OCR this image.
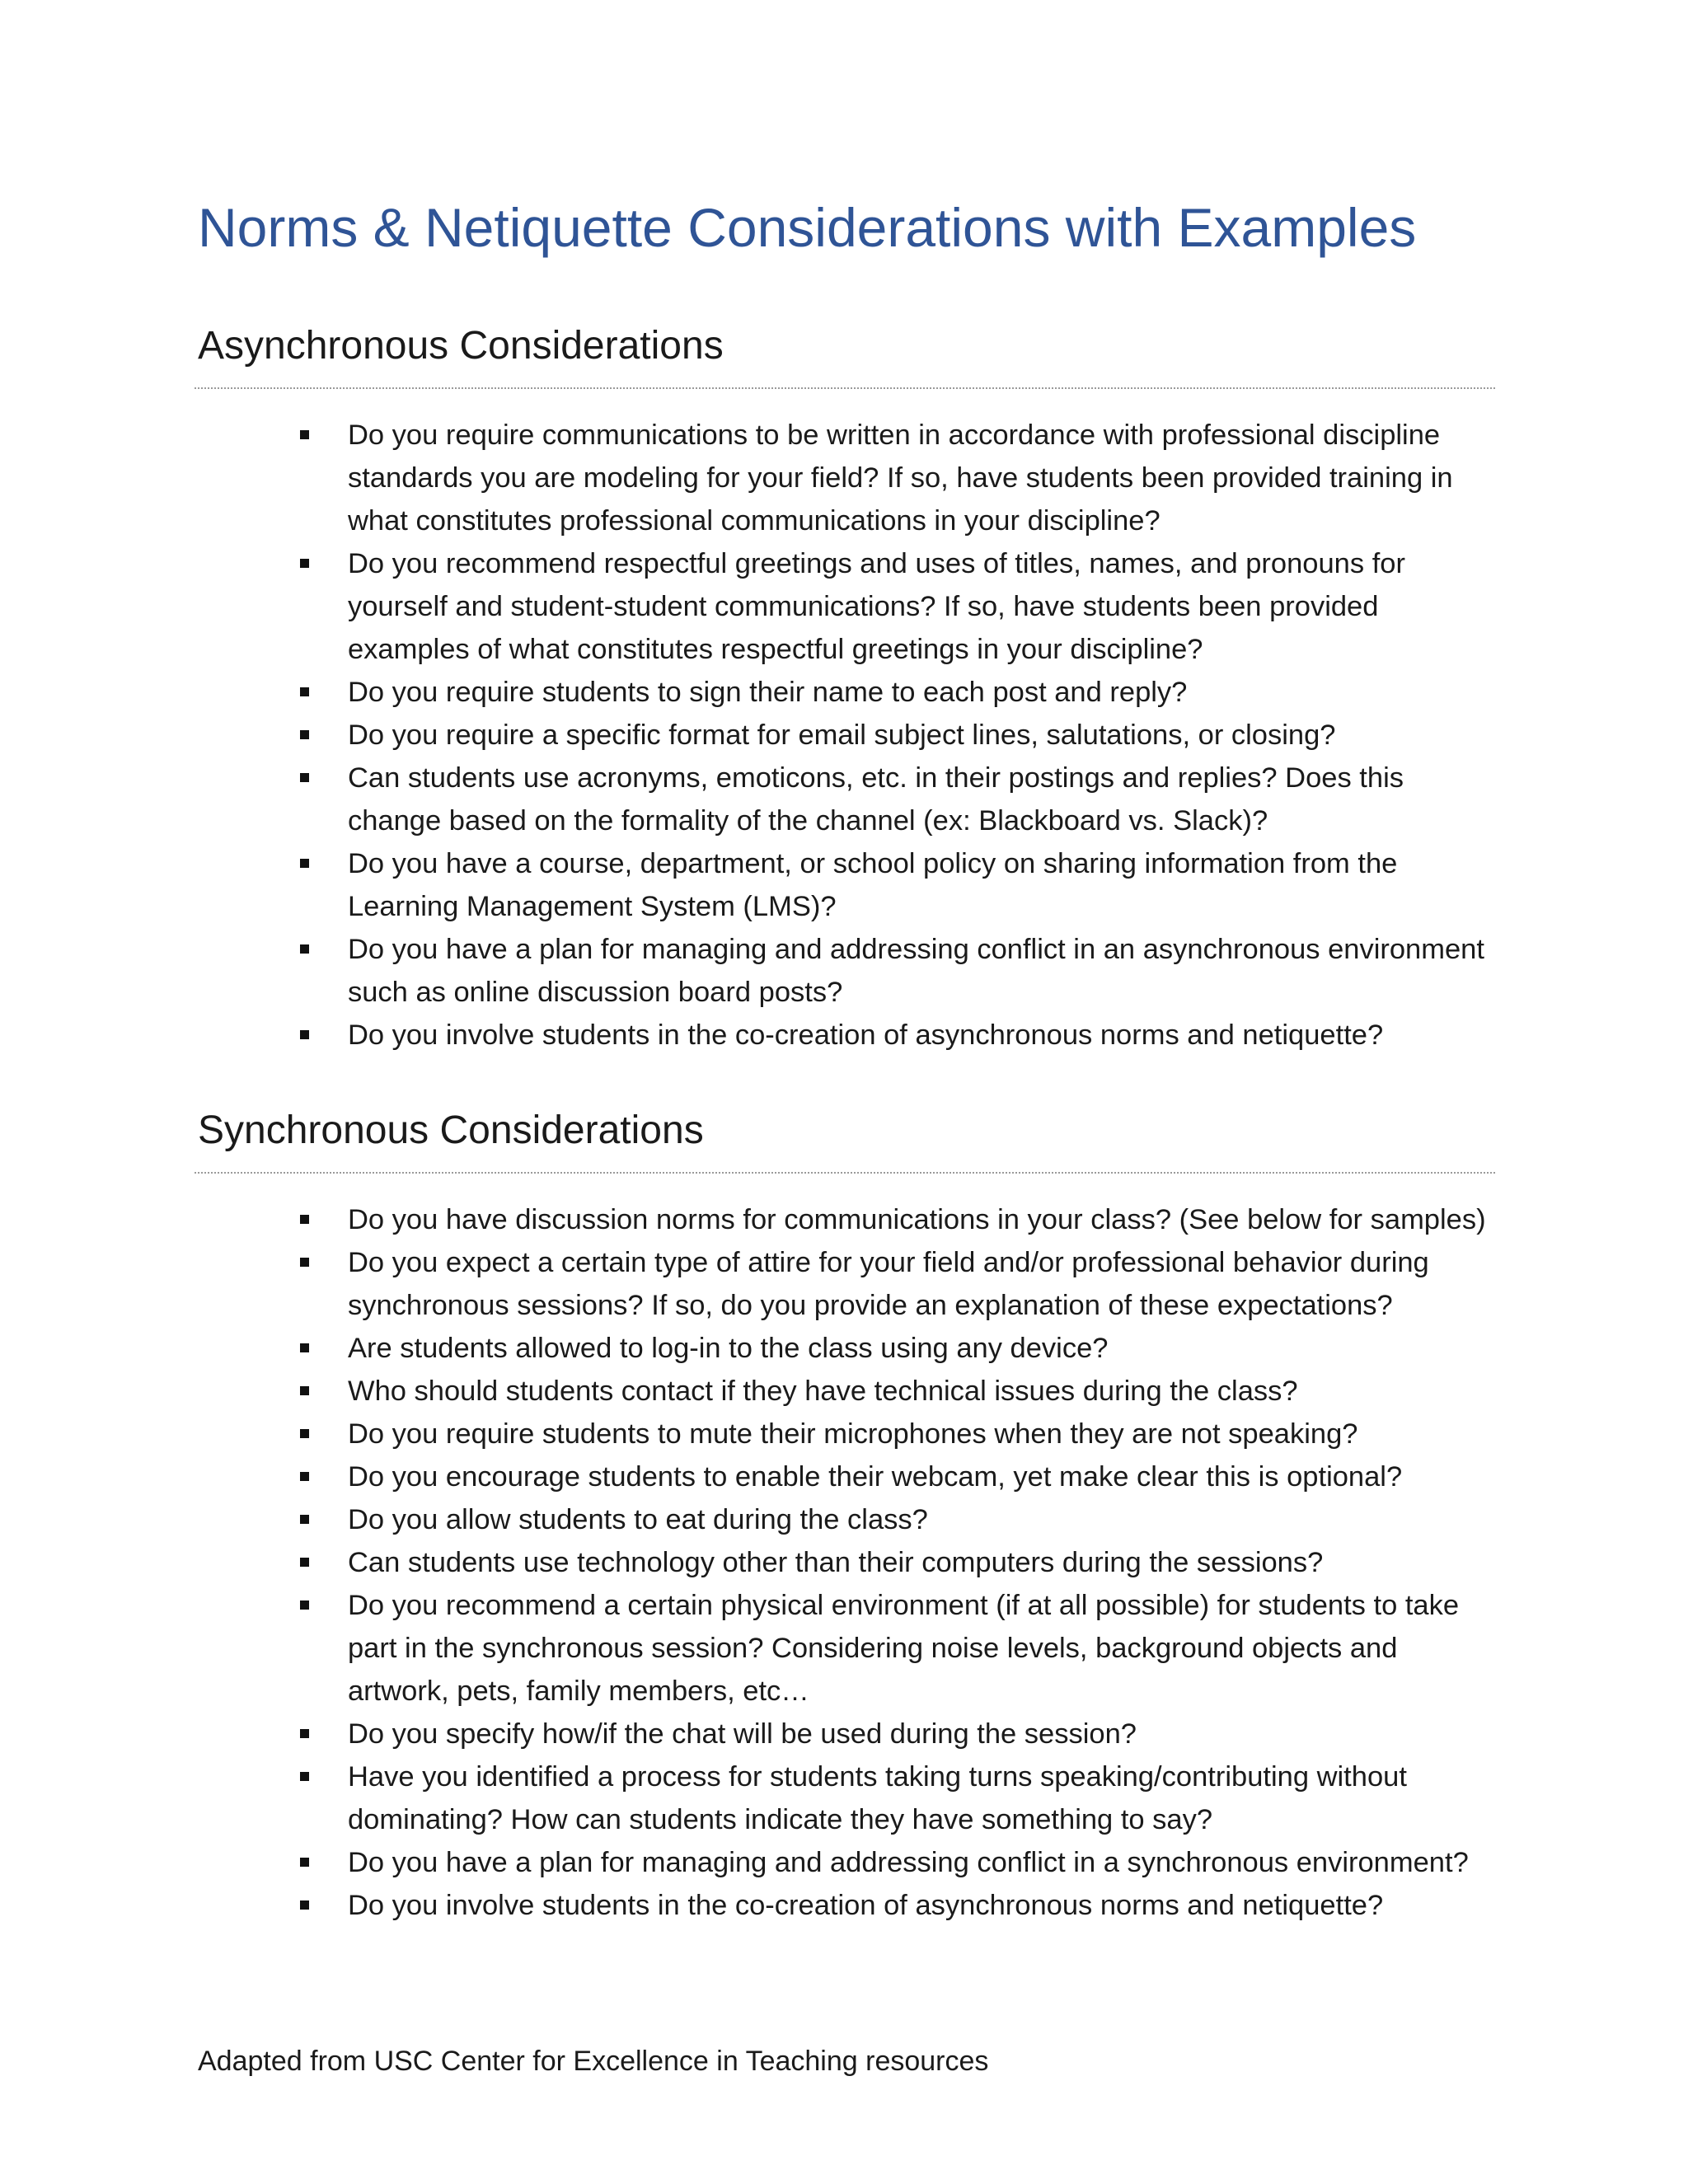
Norms & Netiquette Considerations with Examples
Asynchronous Considerations
Do you require communications to be written in accordance with professional discipline standards you are modeling for your field? If so, have students been provided training in what constitutes professional communications in your discipline?
Do you recommend respectful greetings and uses of titles, names, and pronouns for yourself and student-student communications? If so, have students been provided examples of what constitutes respectful greetings in your discipline?
Do you require students to sign their name to each post and reply?
Do you require a specific format for email subject lines, salutations, or closing?
Can students use acronyms, emoticons, etc. in their postings and replies? Does this change based on the formality of the channel (ex: Blackboard vs. Slack)?
Do you have a course, department, or school policy on sharing information from the Learning Management System (LMS)?
Do you have a plan for managing and addressing conflict in an asynchronous environment such as online discussion board posts?
Do you involve students in the co-creation of asynchronous norms and netiquette?
Synchronous Considerations
Do you have discussion norms for communications in your class? (See below for samples)
Do you expect a certain type of attire for your field and/or professional behavior during synchronous sessions? If so, do you provide an explanation of these expectations?
Are students allowed to log-in to the class using any device?
Who should students contact if they have technical issues during the class?
Do you require students to mute their microphones when they are not speaking?
Do you encourage students to enable their webcam, yet make clear this is optional?
Do you allow students to eat during the class?
Can students use technology other than their computers during the sessions?
Do you recommend a certain physical environment (if at all possible) for students to take part in the synchronous session? Considering noise levels, background objects and artwork, pets, family members, etc…
Do you specify how/if the chat will be used during the session?
Have you identified a process for students taking turns speaking/contributing without dominating? How can students indicate they have something to say?
Do you have a plan for managing and addressing conflict in a synchronous environment?
Do you involve students in the co-creation of asynchronous norms and netiquette?

Adapted from USC Center for Excellence in Teaching resources
